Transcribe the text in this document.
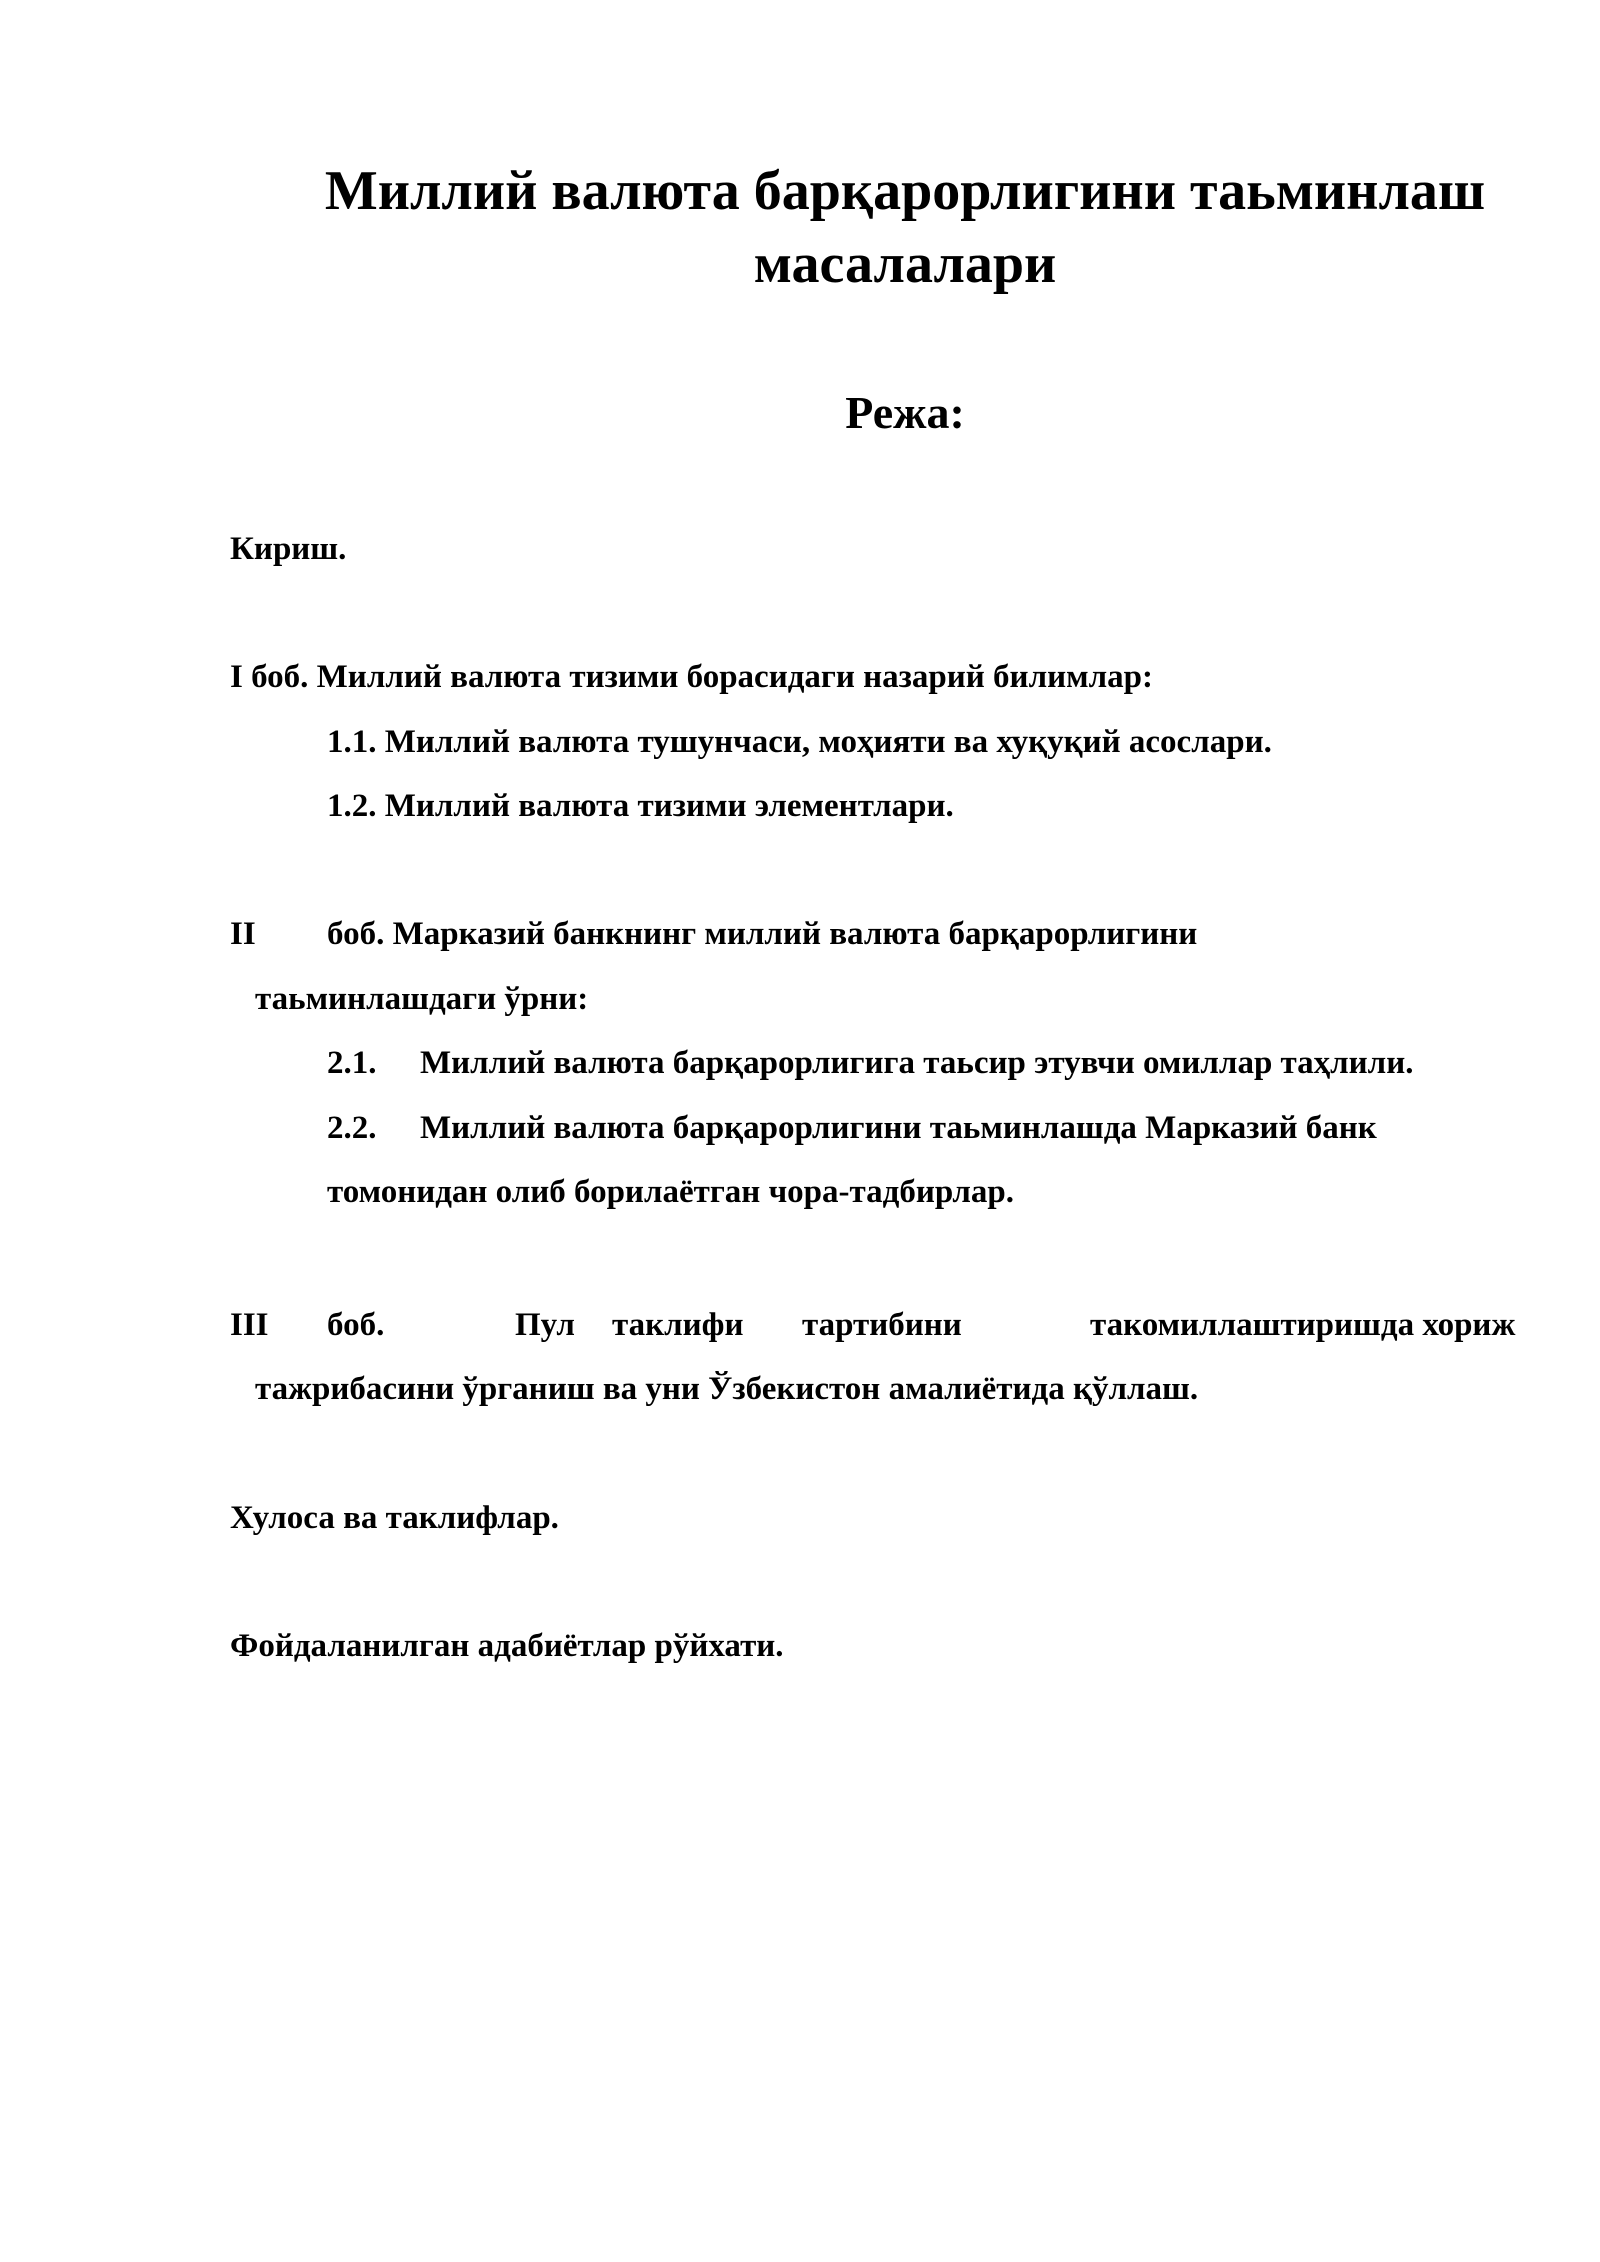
Миллий валюта барқарорлигини таьминлаш
масалалари
Режа:
Кириш.
I боб. Миллий валюта тизими борасидаги назарий билимлар:
1.1. Миллий валюта тушунчаси, моҳияти ва хуқуқий асослари.
1.2. Миллий валюта тизими элементлари.
II боб. Марказий банкнинг миллий валюта барқарорлигини
таьминлашдаги ўрни:
2.1. Миллий валюта барқарорлигига таьсир этувчи омиллар таҳлили.
2.2. Миллий валюта барқарорлигини таьминлашда Марказий банк
томонидан олиб борилаётган чора-тадбирлар.
III боб.	Пул таклифи тартибини	такомиллаштиришда хориж
тажрибасини ўрганиш ва уни Ўзбекистон амалиётида қўллаш.
Хулоса ва таклифлар.
Фойдаланилган адабиётлар рўйхати.
